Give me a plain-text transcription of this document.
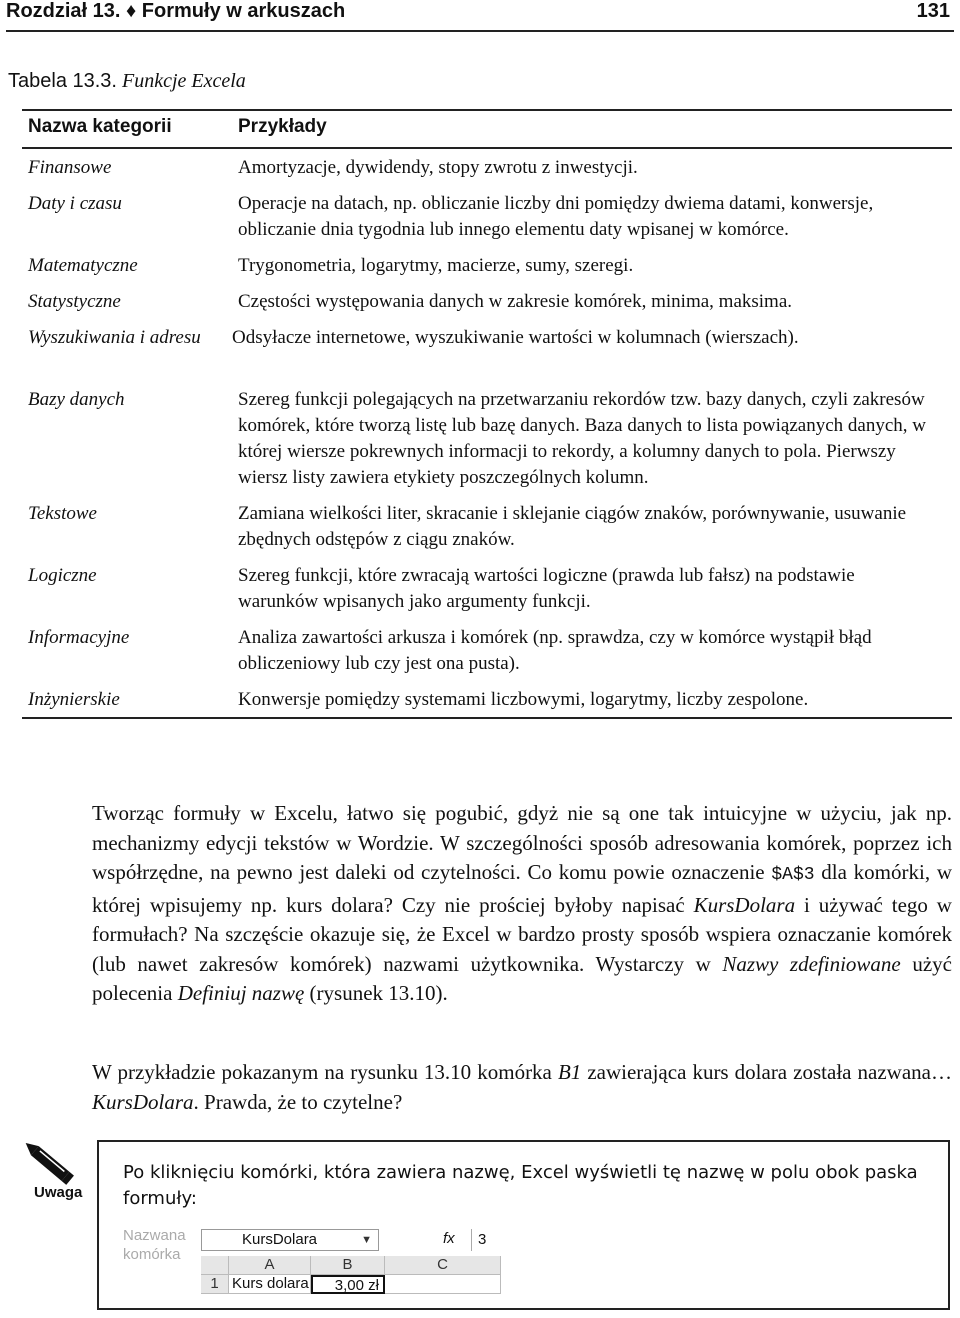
Rozdział 13. ♦ Formuły w arkuszach	131
Tabela 13.3. Funkcje Excela
Nazwa kategorii	Przykłady
Finansowe	Amortyzacje, dywidendy, stopy zwrotu z inwestycji.
Daty i czasu	Operacje na datach, np. obliczanie liczby dni pomiędzy dwiema datami, konwersje, obliczanie dnia tygodnia lub innego elementu daty wpisanej w komórce.
Matematyczne	Trygonometria, logarytmy, macierze, sumy, szeregi.
Statystyczne	Częstości występowania danych w zakresie komórek, minima, maksima.
Wyszukiwania i adresu	Odsyłacze internetowe, wyszukiwanie wartości w kolumnach (wierszach).
Bazy danych	Szereg funkcji polegających na przetwarzaniu rekordów tzw. bazy danych, czyli zakresów komórek, które tworzą listę lub bazę danych. Baza danych to lista powiązanych danych, w której wiersze pokrewnych informacji to rekordy, a kolumny danych to pola. Pierwszy wiersz listy zawiera etykiety poszczególnych kolumn.
Tekstowe	Zamiana wielkości liter, skracanie i sklejanie ciągów znaków, porównywanie, usuwanie zbędnych odstępów z ciągu znaków.
Logiczne	Szereg funkcji, które zwracają wartości logiczne (prawda lub fałsz) na podstawie warunków wpisanych jako argumenty funkcji.
Informacyjne	Analiza zawartości arkusza i komórek (np. sprawdza, czy w komórce wystąpił błąd obliczeniowy lub czy jest ona pusta).
Inżynierskie	Konwersje pomiędzy systemami liczbowymi, logarytmy, liczby zespolone.
Tworząc formuły w Excelu, łatwo się pogubić, gdyż nie są one tak intuicyjne w użyciu, jak np. mechanizmy edycji tekstów w Wordzie. W szczególności sposób adresowania komórek, poprzez ich współrzędne, na pewno jest daleki od czytelności. Co komu powie oznaczenie $A$3 dla komórki, w której wpisujemy np. kurs dolara? Czy nie prościej byłoby napisać KursDolara i używać tego w formułach? Na szczęście okazuje się, że Excel w bardzo prosty sposób wspiera oznaczanie komórek (lub nawet zakresów komórek) nazwami użytkownika. Wystarczy w Nazwy zdefiniowane użyć polecenia Definiuj nazwę (rysunek 13.10).
W przykładzie pokazanym na rysunku 13.10 komórka B1 zawierająca kurs dolara została nazwana…KursDolara. Prawda, że to czytelne?
Uwaga
Po kliknięciu komórki, która zawiera nazwę, Excel wyświetli tę nazwę w polu obok paska formuły:
Nazwana
komórka
KursDolara	▼	fx	3
A	B	C
1 Kurs dolara	3,00 zł
